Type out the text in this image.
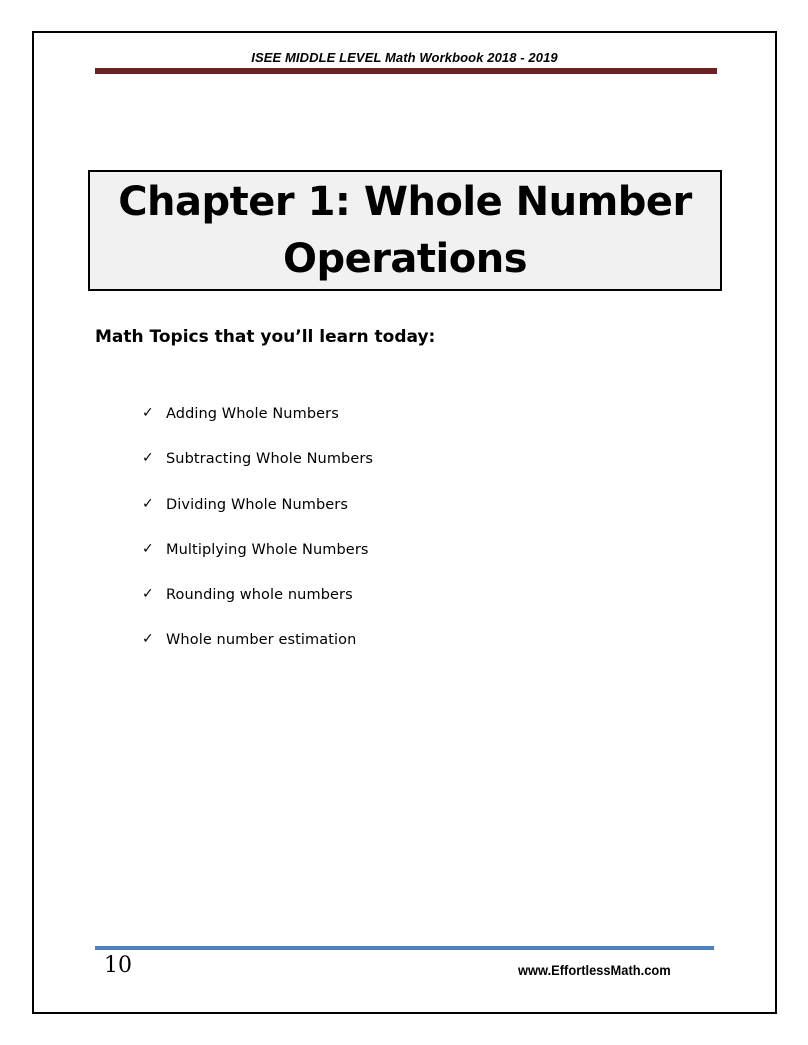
ISEE MIDDLE LEVEL Math Workbook 2018 - 2019
Chapter 1: Whole Number
Operations
Math Topics that you’ll learn today:
✓ Adding Whole Numbers
✓ Subtracting Whole Numbers
✓ Dividing Whole Numbers
✓ Multiplying Whole Numbers
✓ Rounding whole numbers
✓ Whole number estimation
10	www.EffortlessMath.com
